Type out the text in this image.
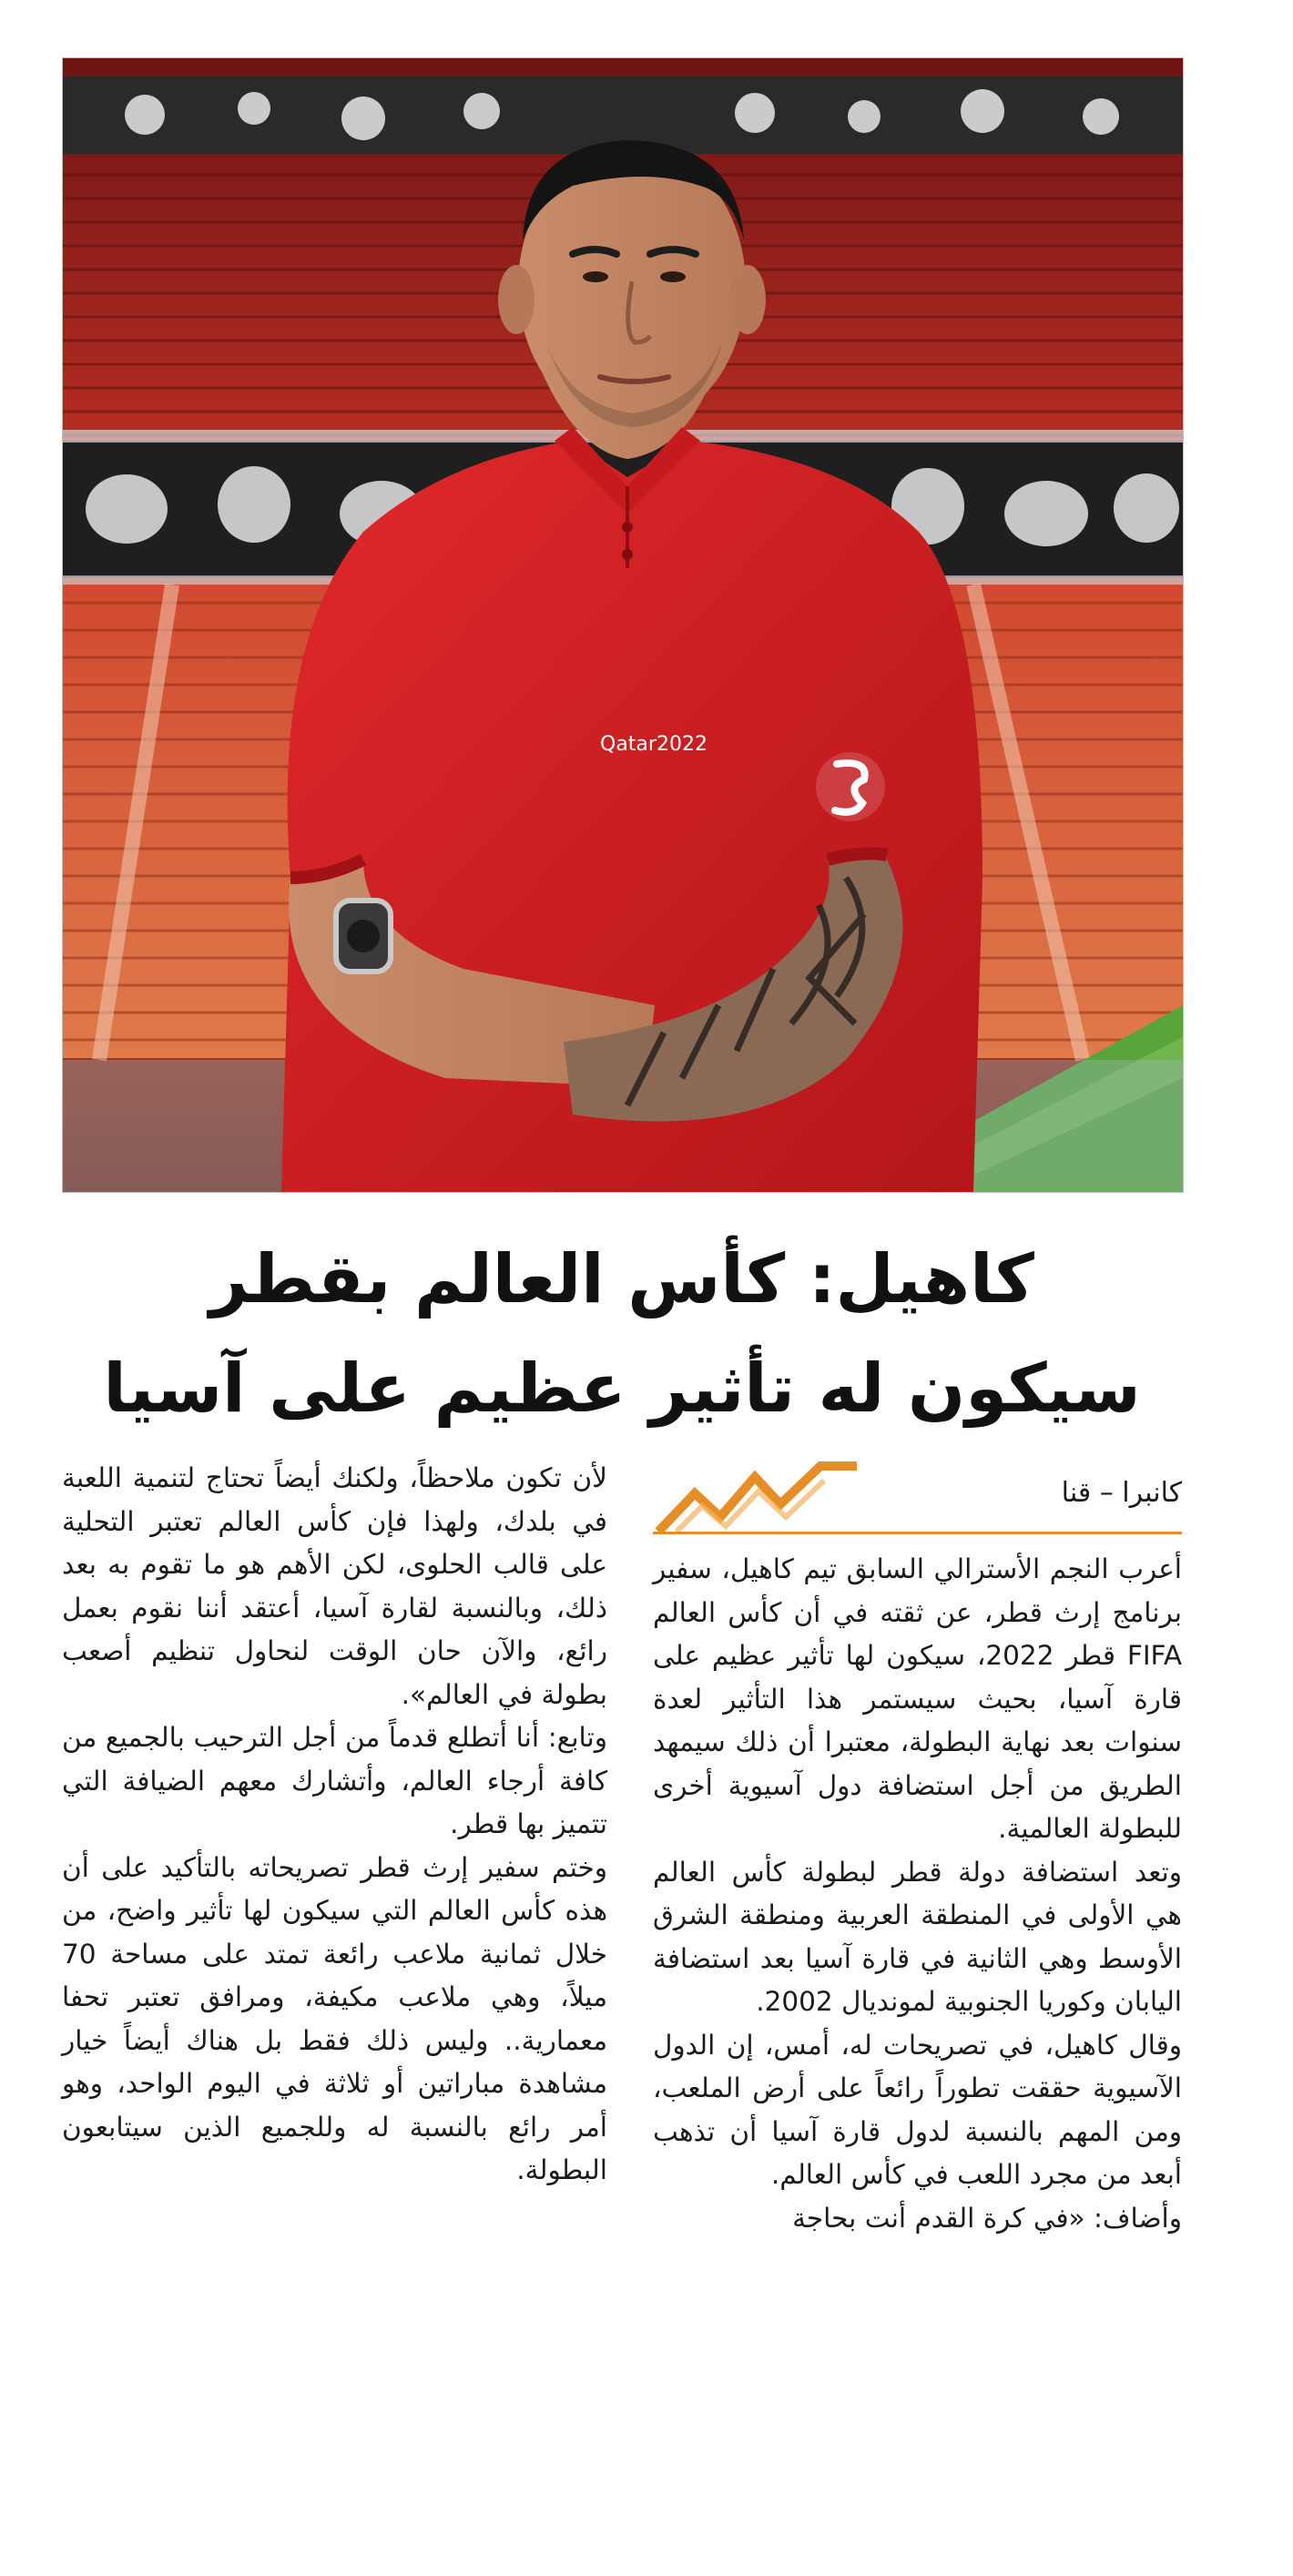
Qatar2022
كاهيل: كأس العالم بقطر
سيكون له تأثير عظيم على آسيا
كانبرا – قنا

أعرب النجم الأسترالي السابق تيم كاهيل، سفير برنامج إرث قطر، عن ثقته في أن كأس العالم FIFA قطر 2022، سيكون لها تأثير عظيم على قارة آسيا، بحيث سيستمر هذا التأثير لعدة سنوات بعد نهاية البطولة، معتبرا أن ذلك سيمهد الطريق من أجل استضافة دول آسيوية أخرى للبطولة العالمية.

وتعد استضافة دولة قطر لبطولة كأس العالم هي الأولى في المنطقة العربية ومنطقة الشرق الأوسط وهي الثانية في قارة آسيا بعد استضافة اليابان وكوريا الجنوبية لمونديال 2002.

وقال كاهيل، في تصريحات له، أمس، إن الدول الآسيوية حققت تطوراً رائعاً على أرض الملعب، ومن المهم بالنسبة لدول قارة آسيا أن تذهب أبعد من مجرد اللعب في كأس العالم.

وأضاف: «في كرة القدم أنت بحاجة

لأن تكون ملاحظاً، ولكنك أيضاً تحتاج لتنمية اللعبة في بلدك، ولهذا فإن كأس العالم تعتبر التحلية على قالب الحلوى، لكن الأهم هو ما تقوم به بعد ذلك، وبالنسبة لقارة آسيا، أعتقد أننا نقوم بعمل رائع، والآن حان الوقت لنحاول تنظيم أصعب بطولة في العالم».

وتابع: أنا أتطلع قدماً من أجل الترحيب بالجميع من كافة أرجاء العالم، وأتشارك معهم الضيافة التي تتميز بها قطر.

وختم سفير إرث قطر تصريحاته بالتأكيد على أن هذه كأس العالم التي سيكون لها تأثير واضح، من خلال ثمانية ملاعب رائعة تمتد على مساحة 70 ميلاً، وهي ملاعب مكيفة، ومرافق تعتبر تحفا معمارية.. وليس ذلك فقط بل هناك أيضاً خيار مشاهدة مباراتين أو ثلاثة في اليوم الواحد، وهو أمر رائع بالنسبة له وللجميع الذين سيتابعون البطولة.
